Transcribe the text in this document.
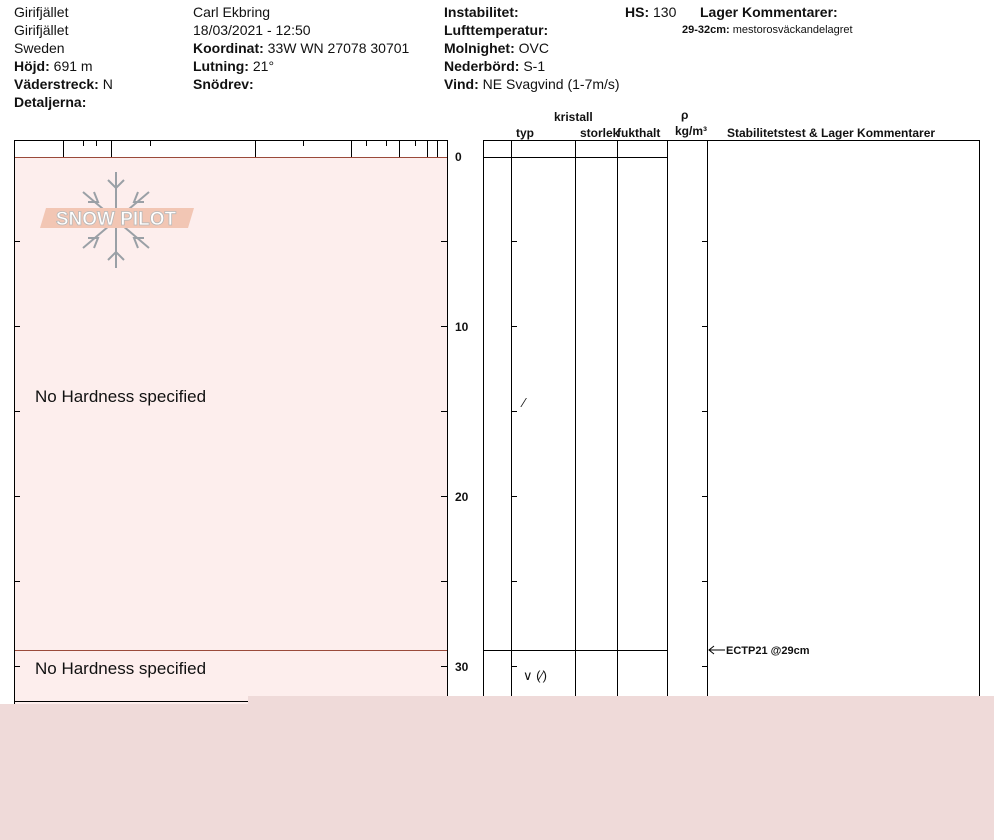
Girifjället
Girifjället
Sweden
Höjd: 691 m
Väderstreck: N
Detaljerna:
Carl Ekbring
18/03/2021 - 12:50
Koordinat: 33W WN 27078 30701
Lutning: 21°
Snödrev:
Instabilitet:
Lufttemperatur:
Molnighet: OVC
Nederbörd: S-1
Vind: NE Svagvind (1-7m/s)
HS: 130 Lager Kommentarer:
29-32cm: mestorosväckandelagret
kristall
typ	storlek
fukthalt
ρ
kg/m³ Stabilitetstest & Lager Kommentarer
SNOW PILOT
No Hardness specified
No Hardness specified
0
10
20
30
⁄
∨ (⁄)
ECTP21 @29cm
